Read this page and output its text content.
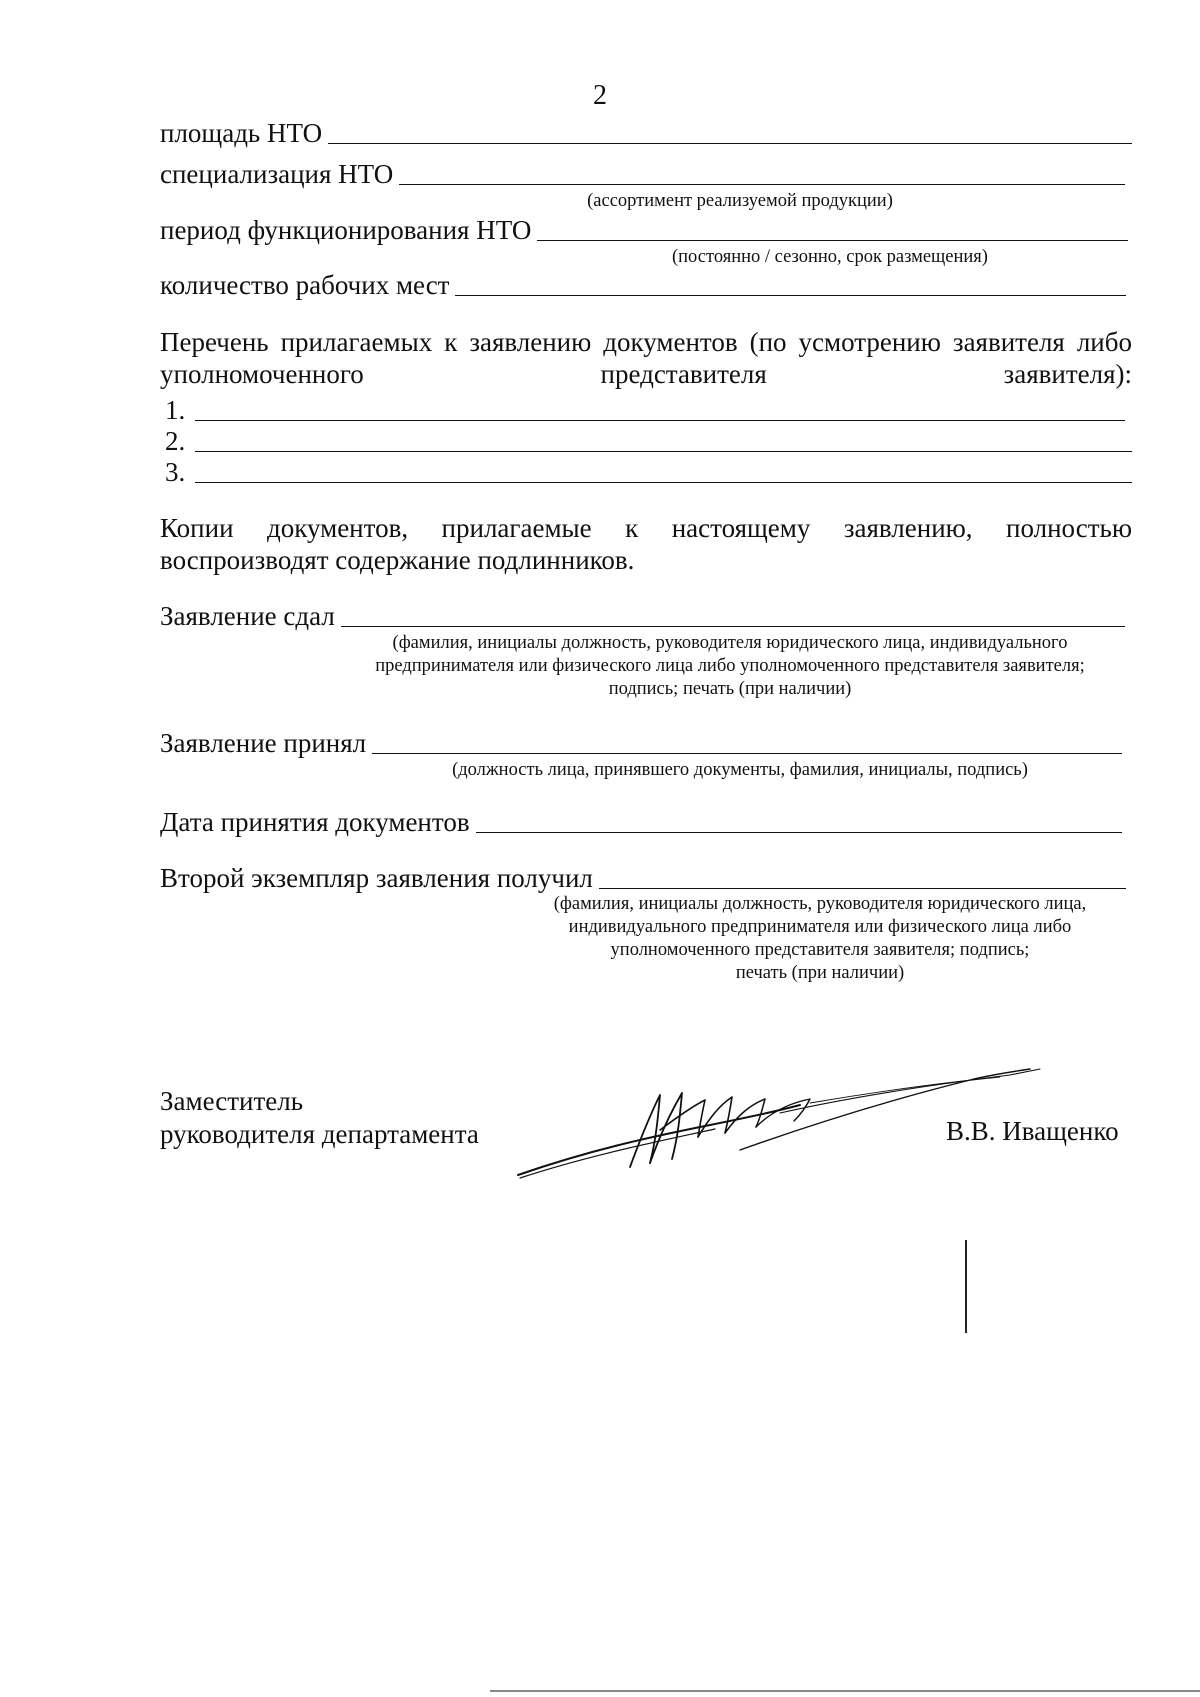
2
площадь НТО
специализация НТО
(ассортимент реализуемой продукции)
период функционирования НТО
(постоянно / сезонно, срок размещения)
количество рабочих мест
Перечень прилагаемых к заявлению документов (по усмотрению заявителя либо уполномоченного представителя заявителя):
1.
2.
3.
Копии документов, прилагаемые к настоящему заявлению, полностью воспроизводят содержание подлинников.
Заявление сдал
(фамилия, инициалы должность, руководителя юридического лица, индивидуального
предпринимателя или физического лица либо уполномоченного представителя заявителя;
подпись; печать (при наличии)
Заявление принял
(должность лица, принявшего документы, фамилия, инициалы, подпись)
Дата принятия документов
Второй экземпляр заявления получил
(фамилия, инициалы должность, руководителя юридического лица,
индивидуального предпринимателя или физического лица либо
уполномоченного представителя заявителя; подпись;
печать (при наличии)
Заместитель
руководителя департамента	В.В. Иващенко
